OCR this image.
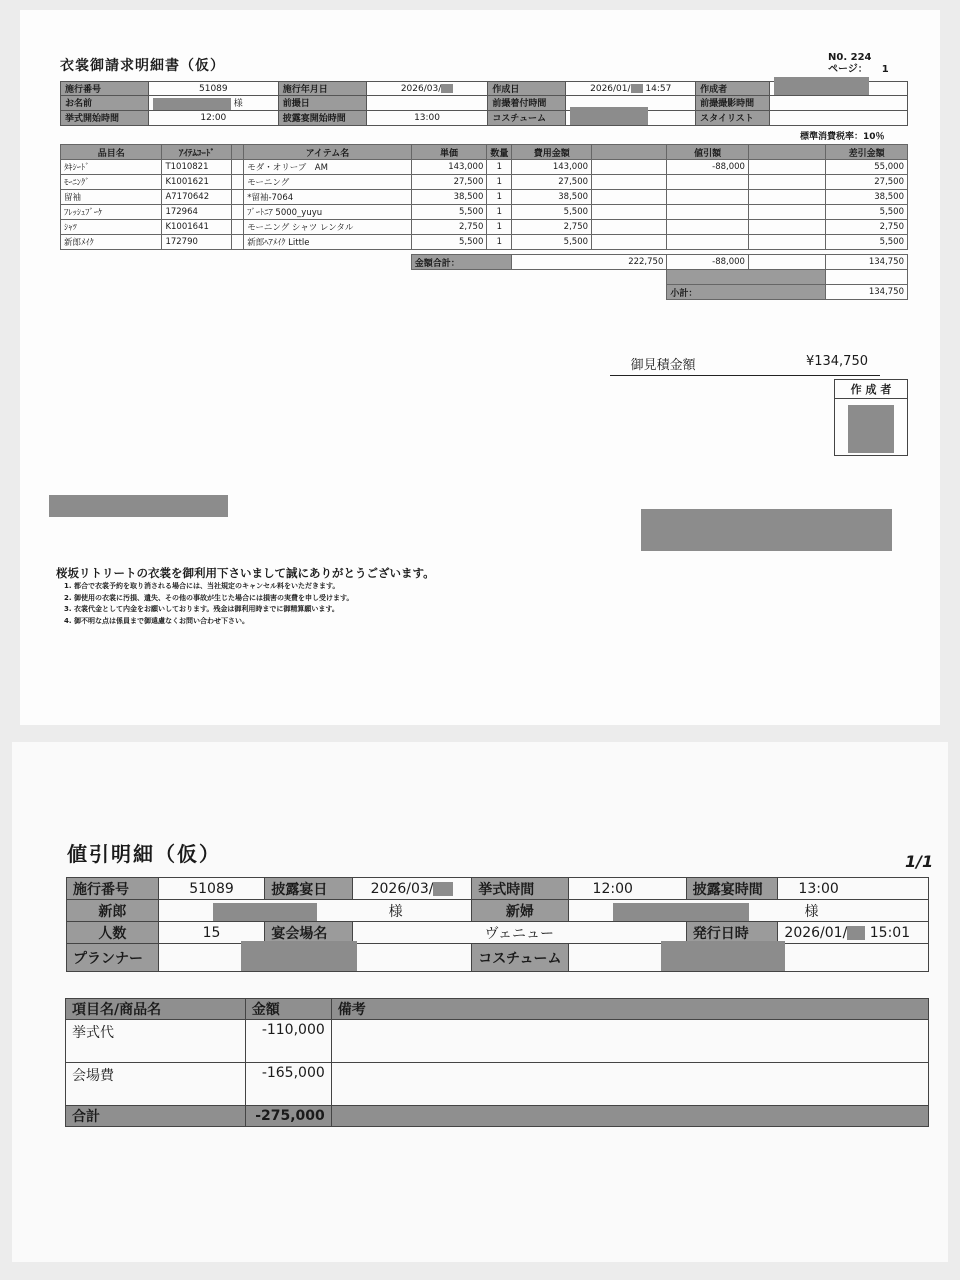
衣裳御請求明細書（仮）
N0. 224
ページ： 1
施行番号	51089	施行年月日	2026/03/	作成日	2026/01/ 14:57	作成者	
お名前	様	前撮日		前撮着付時間		前撮撮影時間	
挙式開始時間	12:00	披露宴開始時間	13:00	コスチューム		スタイリスト	
標準消費税率：10％
品目名	ｱｲﾃﾑｺｰﾄﾞ		アイテム名	単価	数量	費用金額		値引額		差引金額
ﾀｷｼｰﾄﾞ	T1010821		モダ・オリーブ　AM	143,000	1	143,000		-88,000		55,000
ﾓｰﾆﾝｸﾞ	K1001621		モーニング	27,500	1	27,500				27,500
留袖	A7170642		*留袖-7064	38,500	1	38,500				38,500
ﾌﾚｯｼｭﾌﾞｰｹ	172964		ﾌﾞｰﾄﾆｱ 5000_yuyu	5,500	1	5,500				5,500
ｼｬﾂ	K1001641		モーニング シャツ レンタル	2,750	1	2,750				2,750
新郎ﾒｲｸ	172790		新郎ﾍｱﾒｲｸ Little	5,500	1	5,500				5,500

				金額合計：		222,750		-88,000		134,750

								小計：		134,750
御見積金額	¥134,750
作 成 者
桜坂リトリートの衣裳を御利用下さいまして誠にありがとうございます。
1. 都合で衣裳予約を取り消される場合には、当社規定のキャンセル料をいただきます。
2. 御使用の衣裳に汚損、遺失、その他の事故が生じた場合には損害の実費を申し受けます。
3. 衣裳代金として内金をお願いしております。残金は御利用時までに御精算願います。
4. 御不明な点は係員まで御遠慮なくお問い合わせ下さい。
値引明細（仮）	1/1
施行番号	51089	披露宴日	2026/03/	挙式時間	12:00	披露宴時間	13:00
新郎	様			新婦	様		
人数	15	宴会場名	ヴェニュー			発行日時	2026/01/ 15:01
プランナー				コスチューム			
項目名/商品名	金額	備考
挙式代	-110,000	
会場費	-165,000	
合計	-275,000	
